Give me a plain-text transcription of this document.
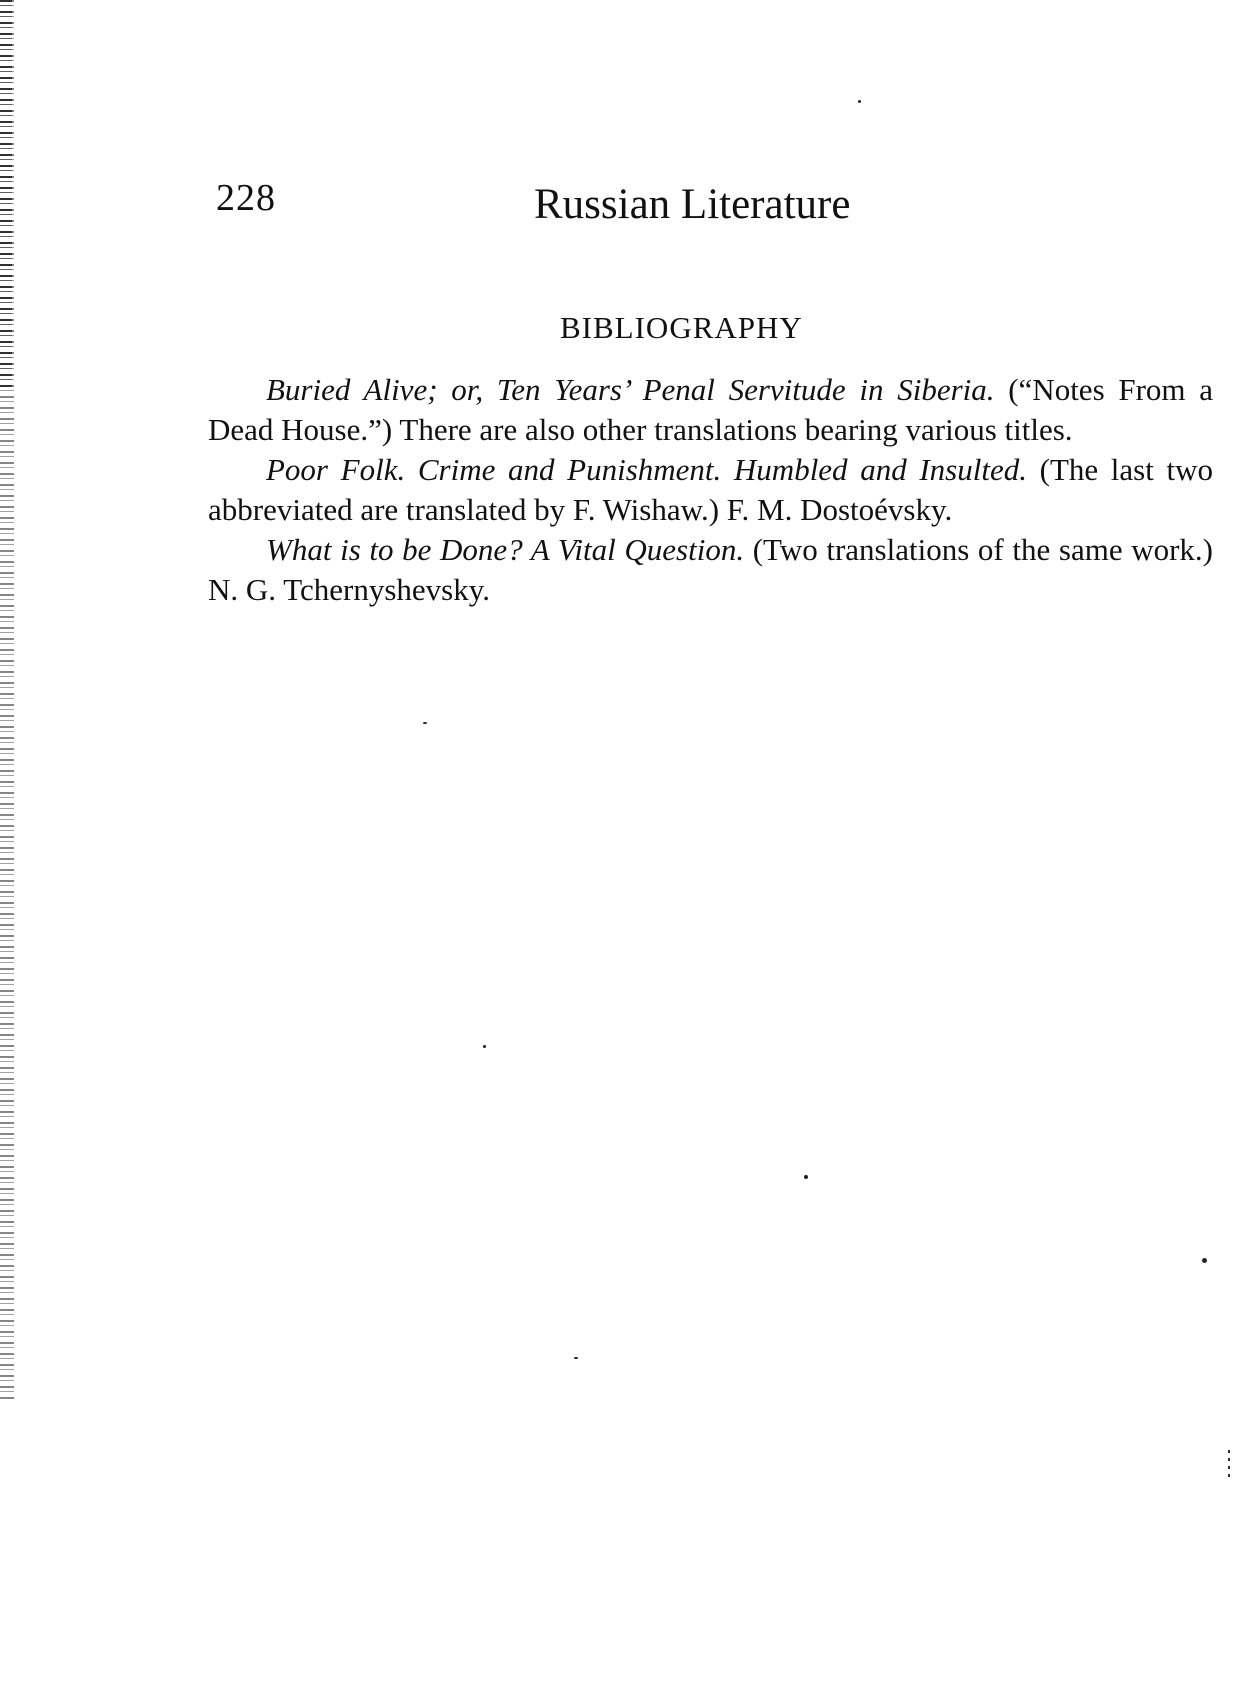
228	Russian Literature
BIBLIOGRAPHY

Buried Alive; or, Ten Years’ Penal Servitude in Siberia. (“Notes From a Dead House.”) There are also other translations bearing various titles.

Poor Folk. Crime and Punishment. Humbled and Insulted. (The last two abbreviated are translated by F. Wishaw.) F. M. Dostoévsky.

What is to be Done? A Vital Question. (Two translations of the same work.) N. G. Tchernyshevsky.
